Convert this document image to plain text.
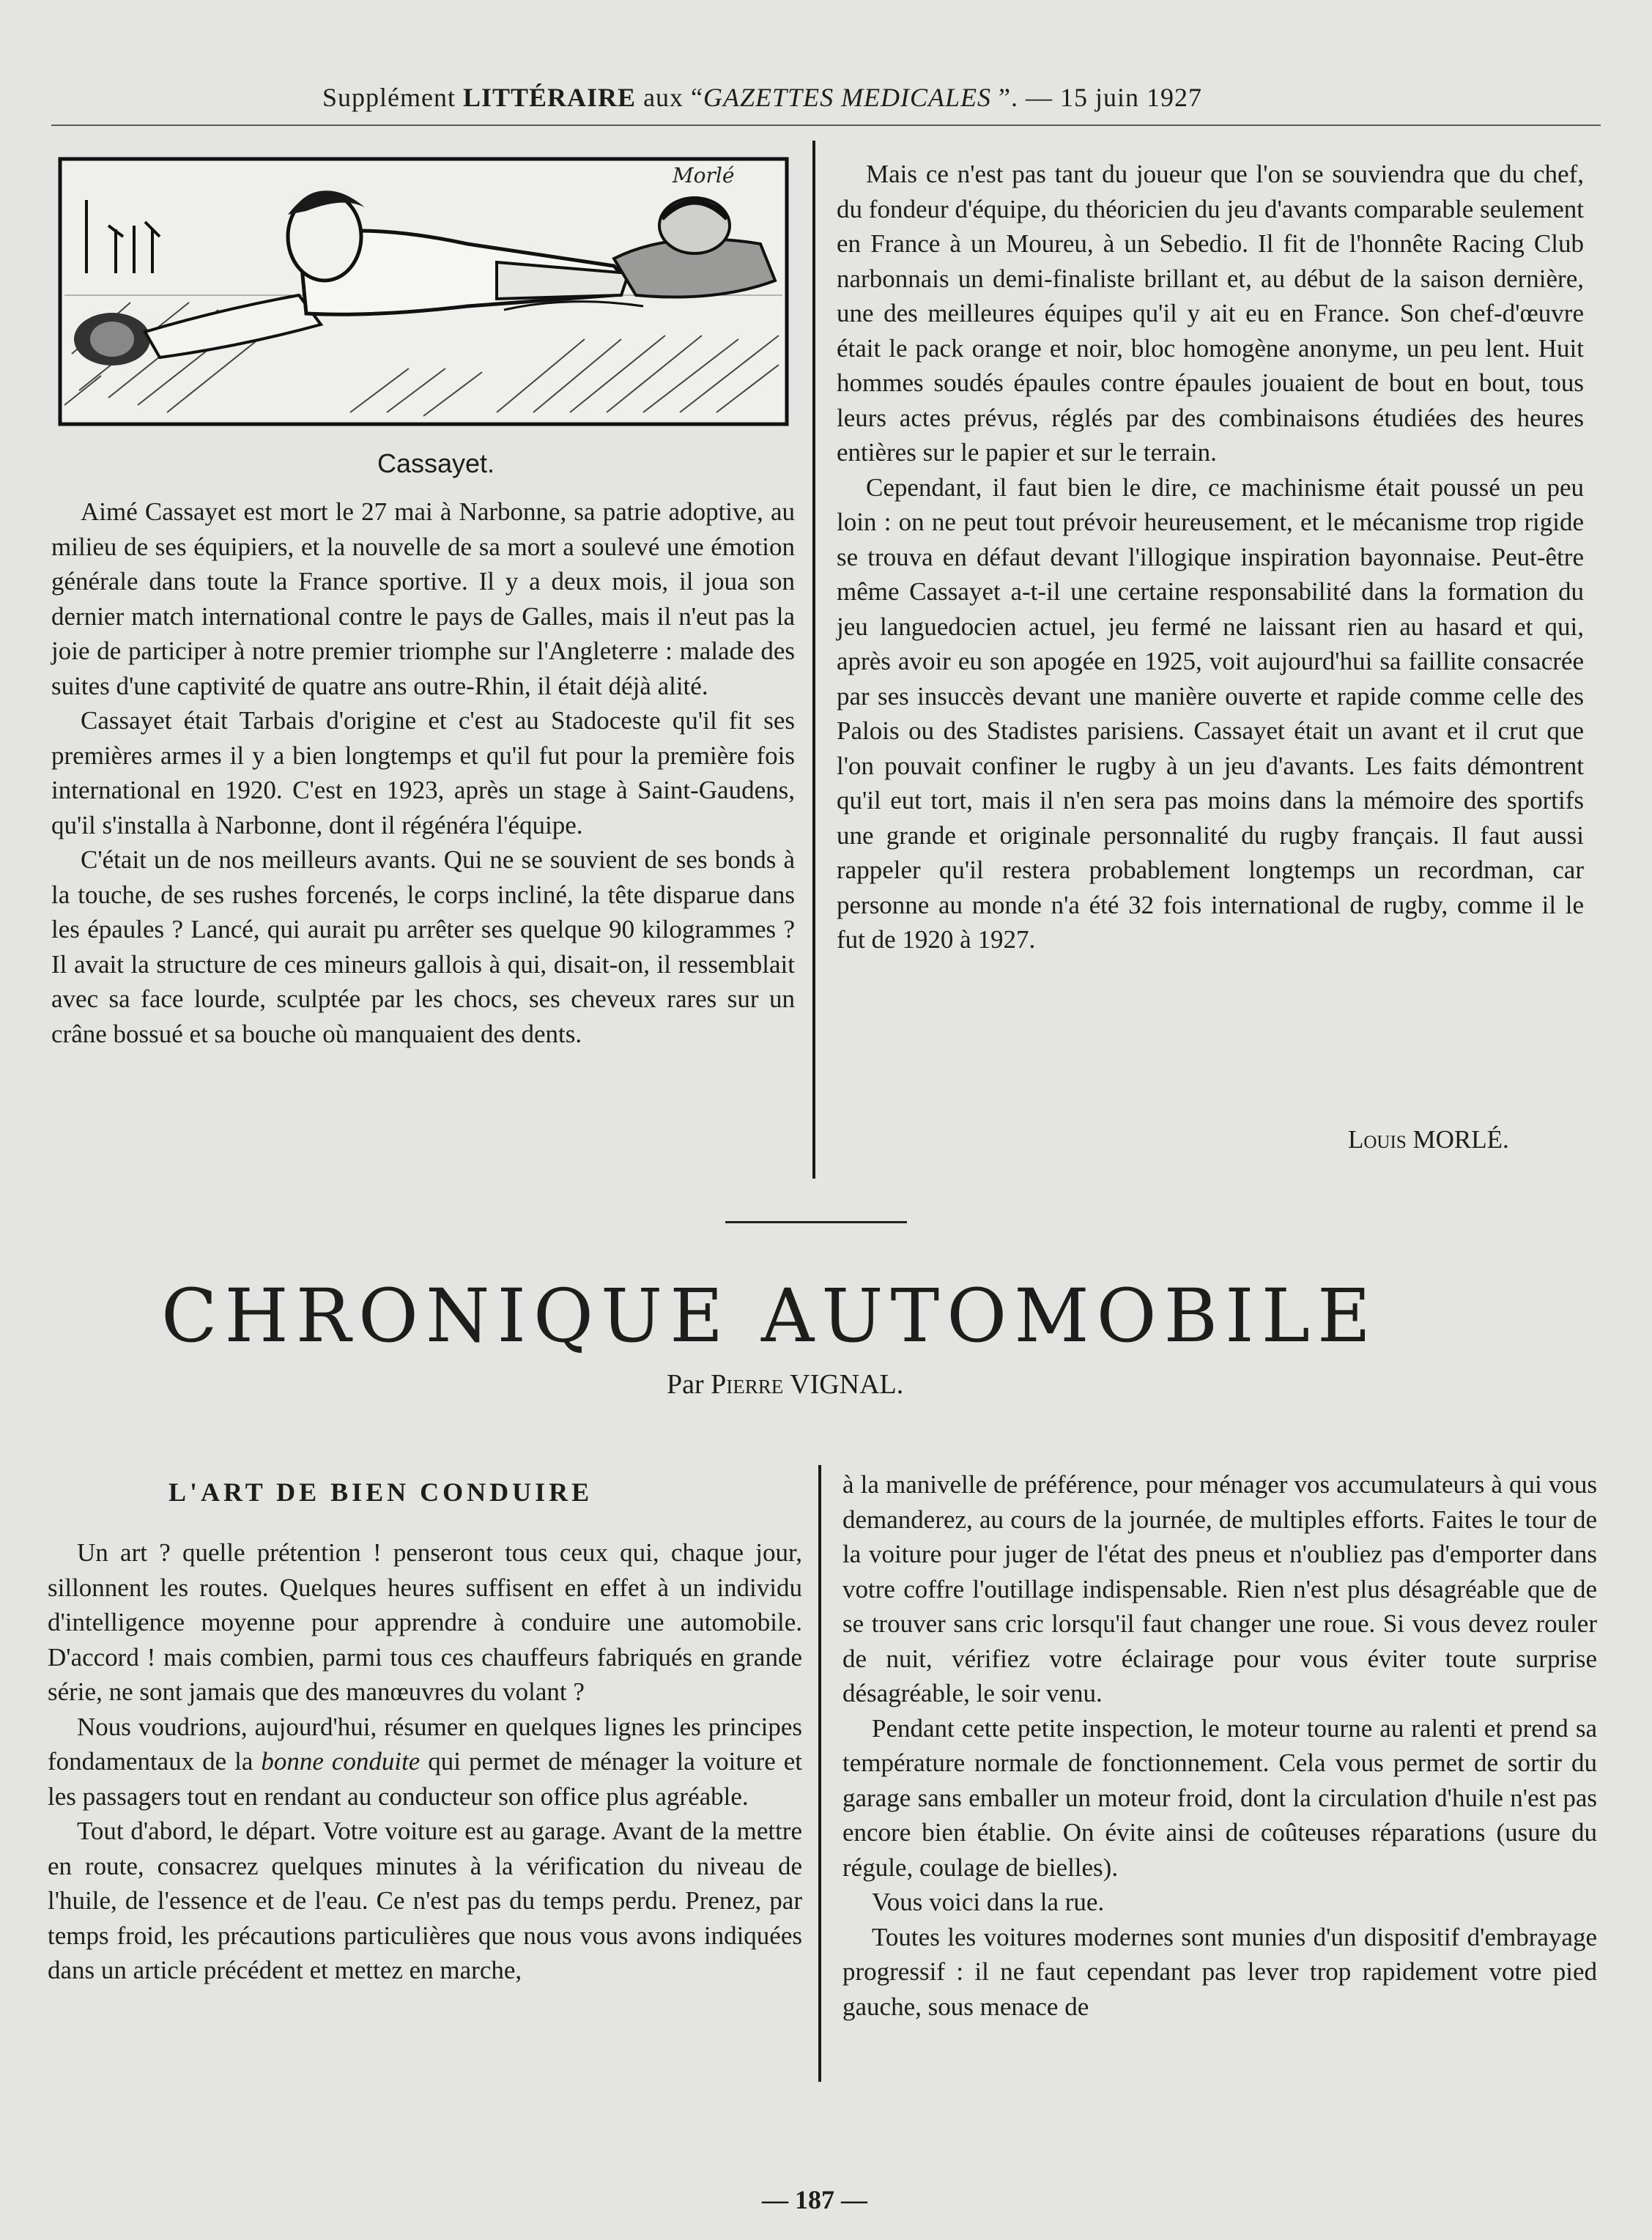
Supplément LITTÉRAIRE aux “GAZETTES MEDICALES ”. — 15 juin 1927
Morlé
Cassayet.

Aimé Cassayet est mort le 27 mai à Narbonne, sa patrie adoptive, au milieu de ses équipiers, et la nouvelle de sa mort a soulevé une émotion générale dans toute la France sportive. Il y a deux mois, il joua son dernier match international contre le pays de Galles, mais il n'eut pas la joie de participer à notre premier triomphe sur l'Angleterre : malade des suites d'une captivité de quatre ans outre-Rhin, il était déjà alité.

Cassayet était Tarbais d'origine et c'est au Stadoceste qu'il fit ses premières armes il y a bien longtemps et qu'il fut pour la première fois international en 1920. C'est en 1923, après un stage à Saint-Gaudens, qu'il s'installa à Narbonne, dont il régénéra l'équipe.

C'était un de nos meilleurs avants. Qui ne se souvient de ses bonds à la touche, de ses rushes forcenés, le corps incliné, la tête disparue dans les épaules ? Lancé, qui aurait pu arrêter ses quelque 90 kilogrammes ? Il avait la structure de ces mineurs gallois à qui, disait-on, il ressemblait avec sa face lourde, sculptée par les chocs, ses cheveux rares sur un crâne bossué et sa bouche où manquaient des dents.

Mais ce n'est pas tant du joueur que l'on se souviendra que du chef, du fondeur d'équipe, du théoricien du jeu d'avants comparable seulement en France à un Moureu, à un Sebedio. Il fit de l'honnête Racing Club narbonnais un demi-finaliste brillant et, au début de la saison dernière, une des meilleures équipes qu'il y ait eu en France. Son chef-d'œuvre était le pack orange et noir, bloc homogène anonyme, un peu lent. Huit hommes soudés épaules contre épaules jouaient de bout en bout, tous leurs actes prévus, réglés par des combinaisons étudiées des heures entières sur le papier et sur le terrain.

Cependant, il faut bien le dire, ce machinisme était poussé un peu loin : on ne peut tout prévoir heureusement, et le mécanisme trop rigide se trouva en défaut devant l'illogique inspiration bayonnaise. Peut-être même Cassayet a-t-il une certaine responsabilité dans la formation du jeu languedocien actuel, jeu fermé ne laissant rien au hasard et qui, après avoir eu son apogée en 1925, voit aujourd'hui sa faillite consacrée par ses insuccès devant une manière ouverte et rapide comme celle des Palois ou des Stadistes parisiens. Cassayet était un avant et il crut que l'on pouvait confiner le rugby à un jeu d'avants. Les faits démontrent qu'il eut tort, mais il n'en sera pas moins dans la mémoire des sportifs une grande et originale personnalité du rugby français. Il faut aussi rappeler qu'il restera probablement longtemps un recordman, car personne au monde n'a été 32 fois international de rugby, comme il le fut de 1920 à 1927.

Louis MORLÉ.
CHRONIQUE AUTOMOBILE
Par Pierre VIGNAL.
L'ART DE BIEN CONDUIRE

Un art ? quelle prétention ! penseront tous ceux qui, chaque jour, sillonnent les routes. Quelques heures suffisent en effet à un individu d'intelligence moyenne pour apprendre à conduire une automobile. D'accord ! mais combien, parmi tous ces chauffeurs fabriqués en grande série, ne sont jamais que des manœuvres du volant ?

Nous voudrions, aujourd'hui, résumer en quelques lignes les principes fondamentaux de la bonne conduite qui permet de ménager la voiture et les passagers tout en rendant au conducteur son office plus agréable.

Tout d'abord, le départ. Votre voiture est au garage. Avant de la mettre en route, consacrez quelques minutes à la vérification du niveau de l'huile, de l'essence et de l'eau. Ce n'est pas du temps perdu. Prenez, par temps froid, les précautions particulières que nous vous avons indiquées dans un article précédent et mettez en marche,

à la manivelle de préférence, pour ménager vos accumulateurs à qui vous demanderez, au cours de la journée, de multiples efforts. Faites le tour de la voiture pour juger de l'état des pneus et n'oubliez pas d'emporter dans votre coffre l'outillage indispensable. Rien n'est plus désagréable que de se trouver sans cric lorsqu'il faut changer une roue. Si vous devez rouler de nuit, vérifiez votre éclairage pour vous éviter toute surprise désagréable, le soir venu.

Pendant cette petite inspection, le moteur tourne au ralenti et prend sa température normale de fonctionnement. Cela vous permet de sortir du garage sans emballer un moteur froid, dont la circulation d'huile n'est pas encore bien établie. On évite ainsi de coûteuses réparations (usure du régule, coulage de bielles).

Vous voici dans la rue.

Toutes les voitures modernes sont munies d'un dispositif d'embrayage progressif : il ne faut cependant pas lever trop rapidement votre pied gauche, sous menace de

— 187 —
